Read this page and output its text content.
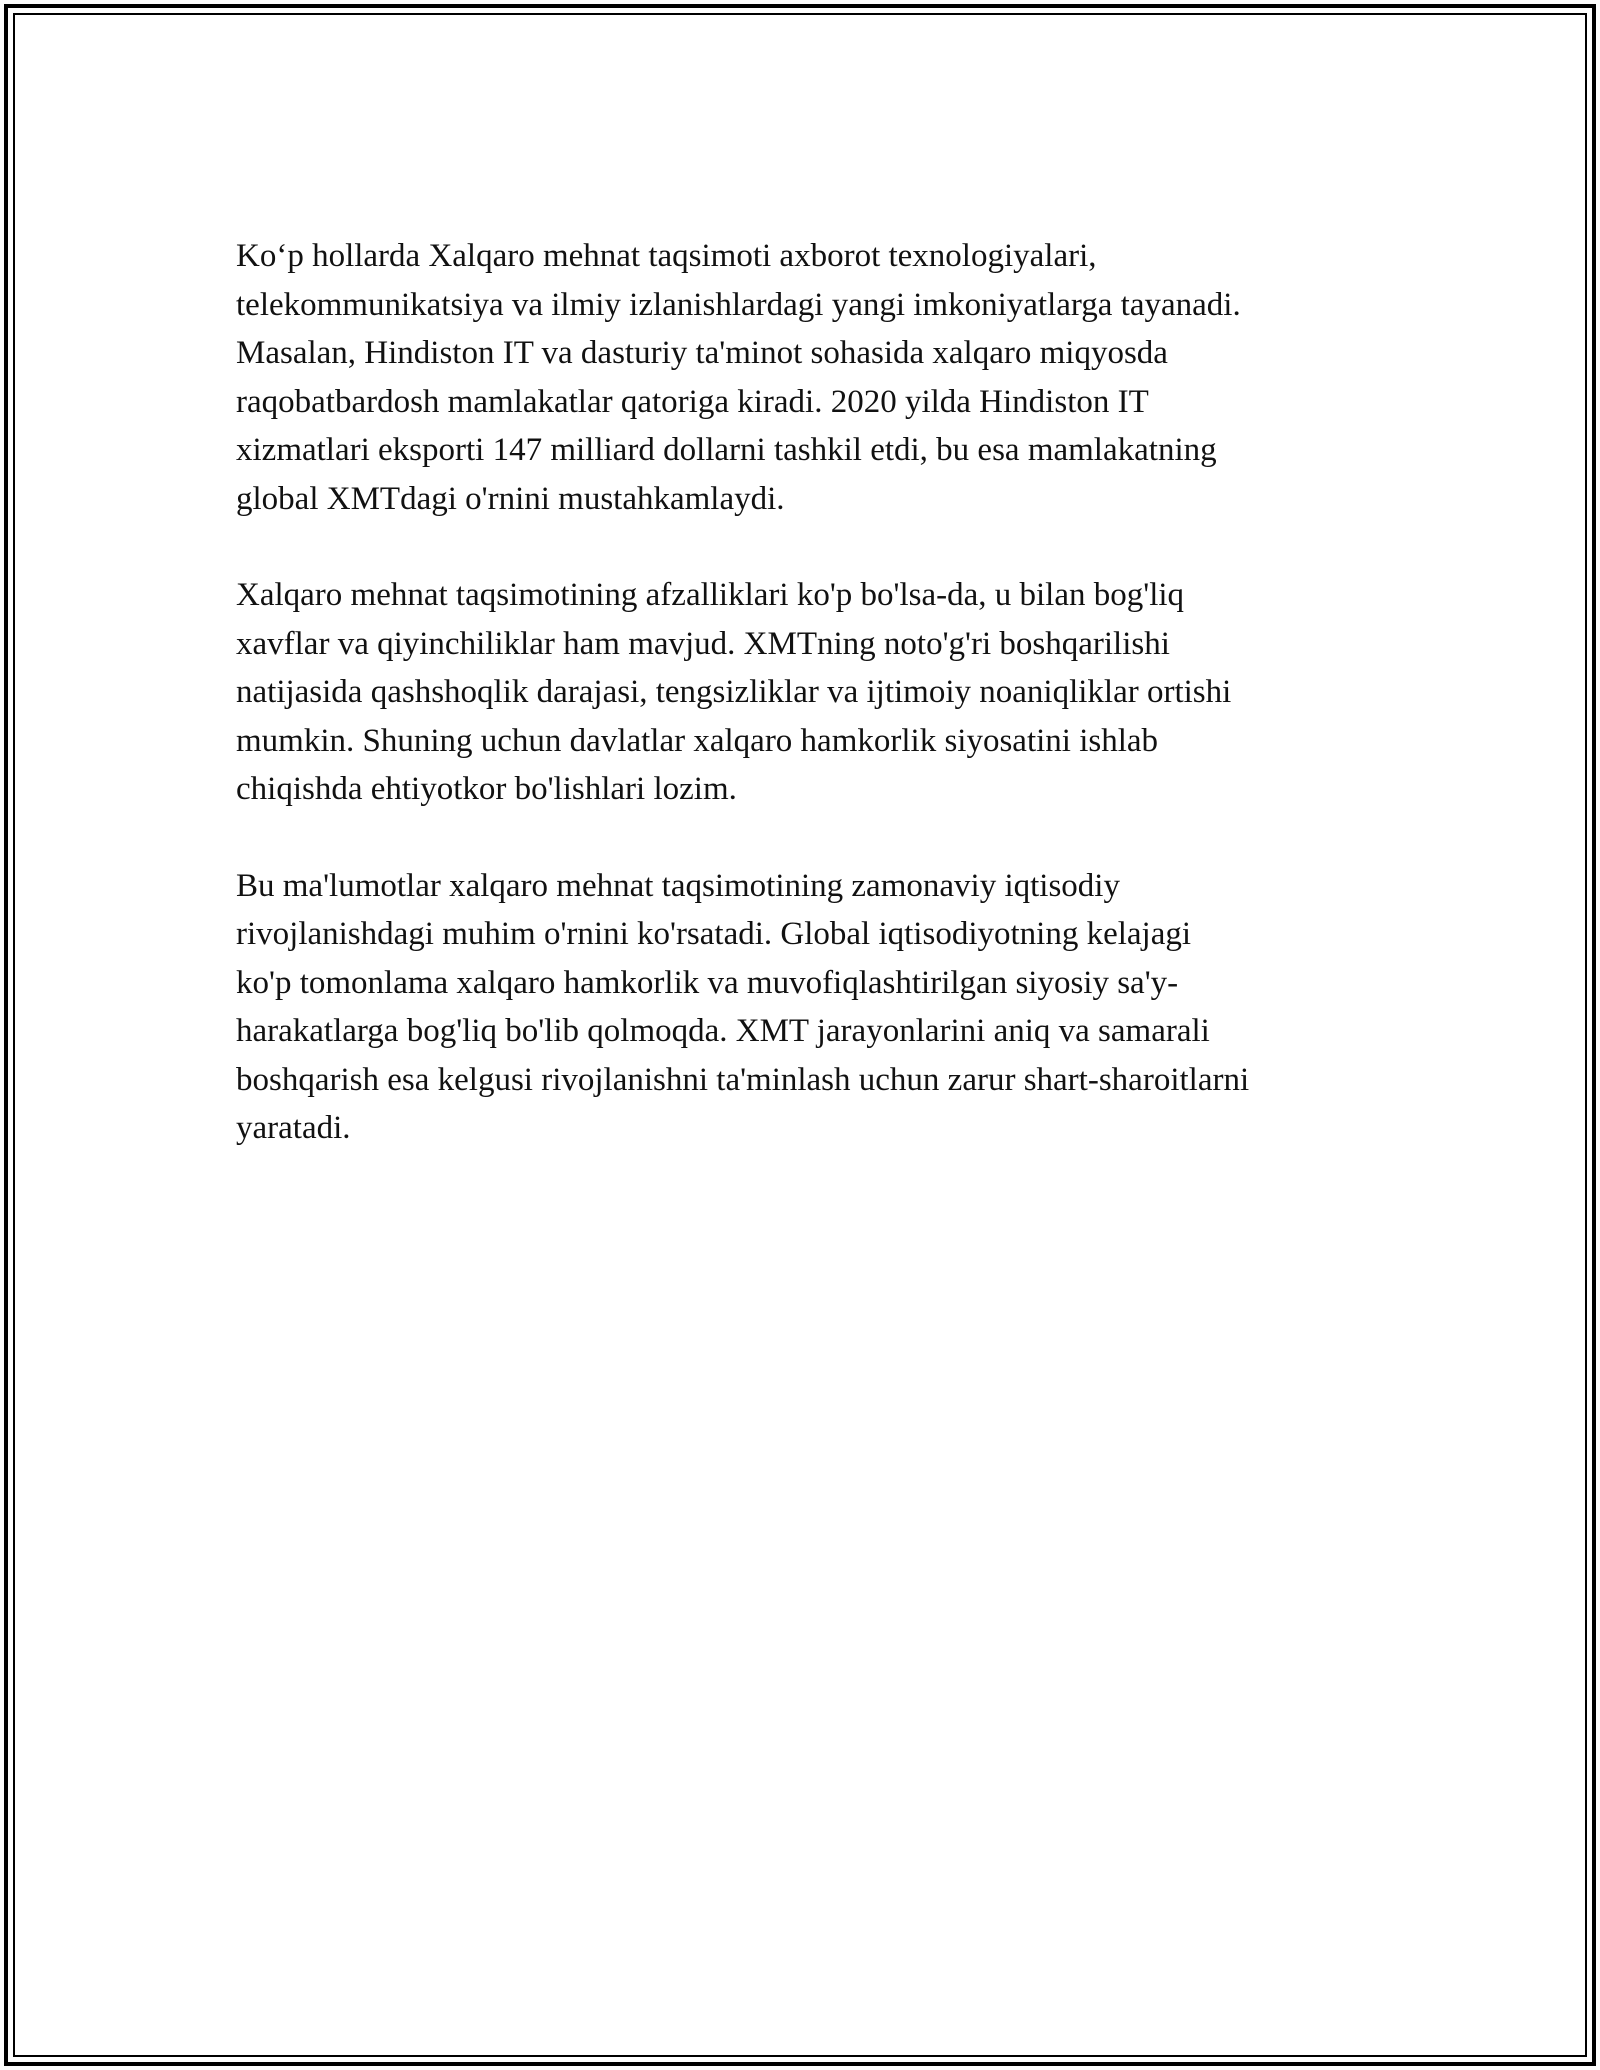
Ko‘p hollarda Xalqaro mehnat taqsimoti axborot texnologiyalari,
telekommunikatsiya va ilmiy izlanishlardagi yangi imkoniyatlarga tayanadi.
Masalan, Hindiston IT va dasturiy ta'minot sohasida xalqaro miqyosda
raqobatbardosh mamlakatlar qatoriga kiradi. 2020 yilda Hindiston IT
xizmatlari eksporti 147 milliard dollarni tashkil etdi, bu esa mamlakatning
global XMTdagi o'rnini mustahkamlaydi.

Xalqaro mehnat taqsimotining afzalliklari ko'p bo'lsa-da, u bilan bog'liq
xavflar va qiyinchiliklar ham mavjud. XMTning noto'g'ri boshqarilishi
natijasida qashshoqlik darajasi, tengsizliklar va ijtimoiy noaniqliklar ortishi
mumkin. Shuning uchun davlatlar xalqaro hamkorlik siyosatini ishlab
chiqishda ehtiyotkor bo'lishlari lozim.

Bu ma'lumotlar xalqaro mehnat taqsimotining zamonaviy iqtisodiy
rivojlanishdagi muhim o'rnini ko'rsatadi. Global iqtisodiyotning kelajagi
ko'p tomonlama xalqaro hamkorlik va muvofiqlashtirilgan siyosiy sa'y-
harakatlarga bog'liq bo'lib qolmoqda. XMT jarayonlarini aniq va samarali
boshqarish esa kelgusi rivojlanishni ta'minlash uchun zarur shart-sharoitlarni
yaratadi.
